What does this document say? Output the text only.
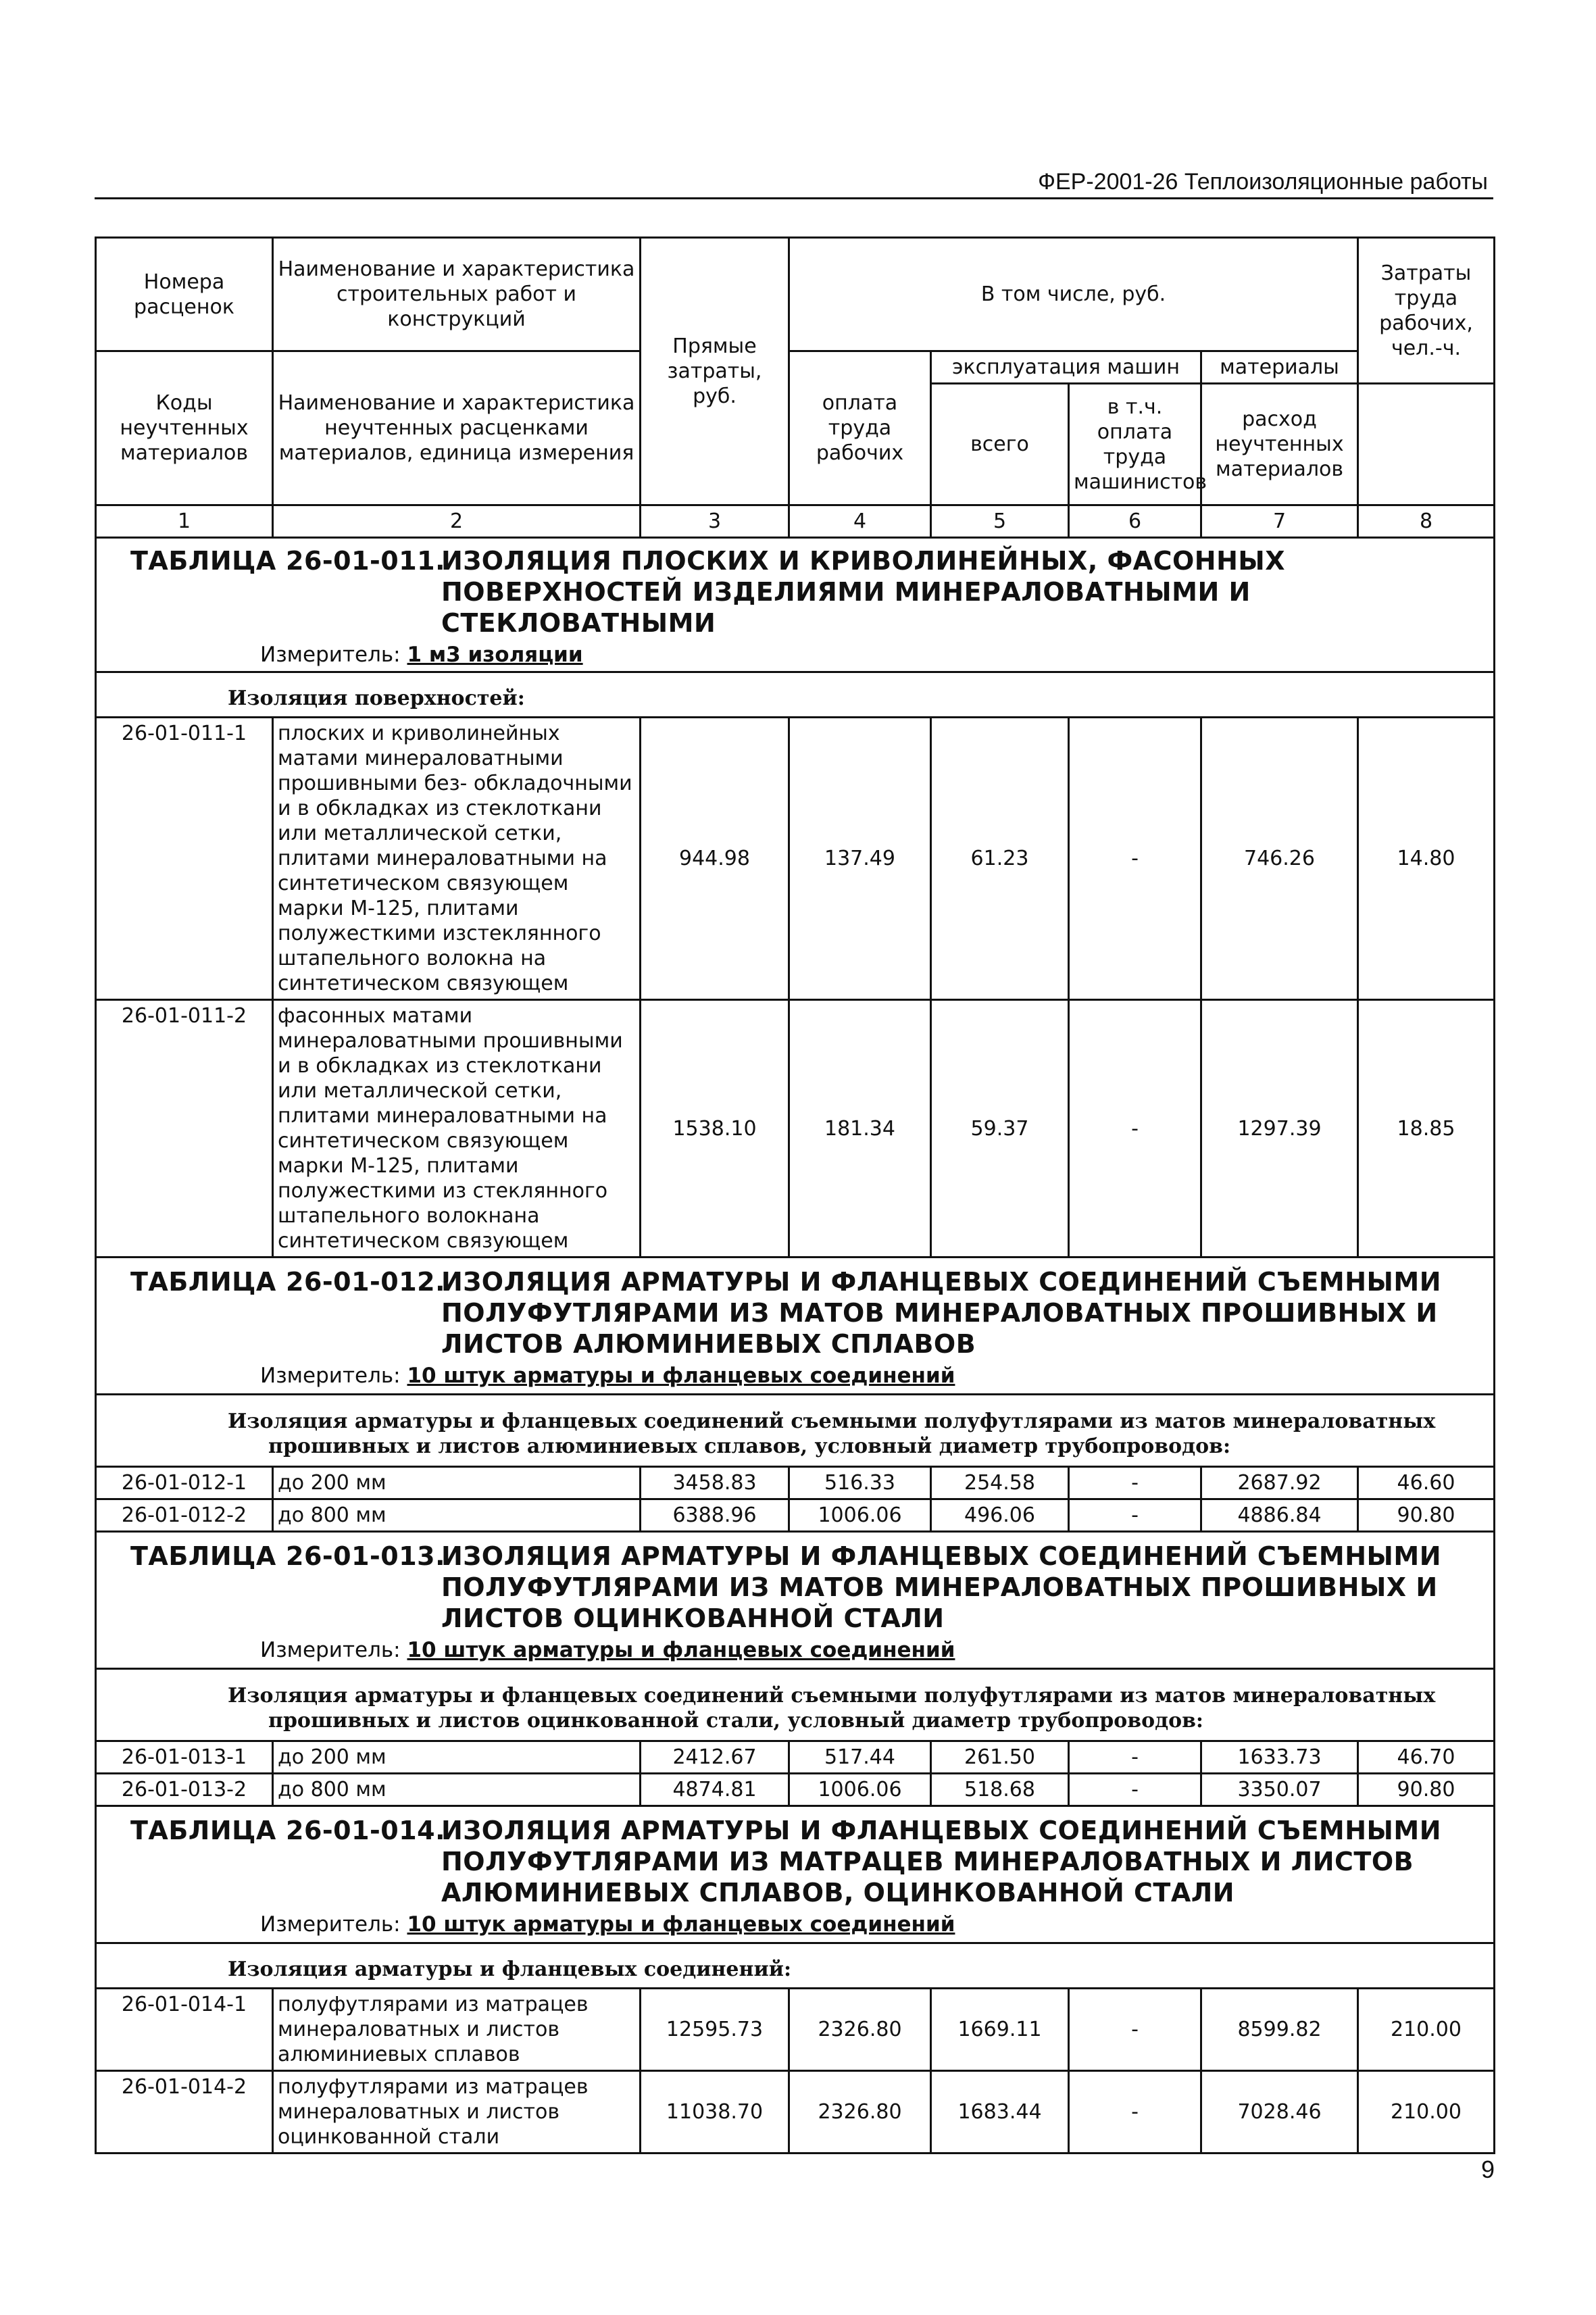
ФЕР-2001-26 Теплоизоляционные работы
Номера расценок	Наименование и характеристика строительных работ и конструкций	Прямые затраты, руб.	В том числе, руб.				Затраты труда рабочих, чел.-ч.
Коды неучтенных материалов	Наименование и характеристика неучтенных расценками материалов, единица измерения		оплата труда рабочих	эксплуатация машин		материалы	
				всего	в т.ч. оплата труда машинистов	расход неучтенных материалов	
1	2	3	4	5	6	7	8

ТАБЛИЦА 26-01-011.
ИЗОЛЯЦИЯ ПЛОСКИХ И КРИВОЛИНЕЙНЫХ, ФАСОННЫХ ПОВЕРХНОСТЕЙ ИЗДЕЛИЯМИ МИНЕРАЛОВАТНЫМИ И СТЕКЛОВАТНЫМИ
Измеритель: 1 м3 изоляции							

Изоляция поверхностей:							

26-01-011-1	плоских и криволинейных матами минераловатными прошивными без- обкладочными и в обкладках из стеклоткани или металлической сетки, плитами минераловатными на синтетическом связующем марки М-125, плитами полужесткими изстеклянного штапельного волокна на синтетическом связующем	944.98	137.49	61.23	-	746.26	14.80
26-01-011-2	фасонных матами минераловатными прошивными и в обкладках из стеклоткани или металлической сетки, плитами минераловатными на синтетическом связующем марки М-125, плитами полужесткими из стеклянного штапельного волокнана синтетическом связующем	1538.10	181.34	59.37	-	1297.39	18.85

ТАБЛИЦА 26-01-012.
ИЗОЛЯЦИЯ АРМАТУРЫ И ФЛАНЦЕВЫХ СОЕДИНЕНИЙ СЪЕМНЫМИ ПОЛУФУТЛЯРАМИ ИЗ МАТОВ МИНЕРАЛОВАТНЫХ ПРОШИВНЫХ И ЛИСТОВ АЛЮМИНИЕВЫХ СПЛАВОВ
Измеритель: 10 штук арматуры и фланцевых соединений							

Изоляция арматуры и фланцевых соединений съемными полуфутлярами из матов минераловатных
прошивных и листов алюминиевых сплавов, условный диаметр трубопроводов:							

26-01-012-1	до 200 мм	3458.83	516.33	254.58	-	2687.92	46.60
26-01-012-2	до 800 мм	6388.96	1006.06	496.06	-	4886.84	90.80

ТАБЛИЦА 26-01-013.
ИЗОЛЯЦИЯ АРМАТУРЫ И ФЛАНЦЕВЫХ СОЕДИНЕНИЙ СЪЕМНЫМИ ПОЛУФУТЛЯРАМИ ИЗ МАТОВ МИНЕРАЛОВАТНЫХ ПРОШИВНЫХ И ЛИСТОВ ОЦИНКОВАННОЙ СТАЛИ
Измеритель: 10 штук арматуры и фланцевых соединений							

Изоляция арматуры и фланцевых соединений съемными полуфутлярами из матов минераловатных
прошивных и листов оцинкованной стали, условный диаметр трубопроводов:							

26-01-013-1	до 200 мм	2412.67	517.44	261.50	-	1633.73	46.70
26-01-013-2	до 800 мм	4874.81	1006.06	518.68	-	3350.07	90.80

ТАБЛИЦА 26-01-014.
ИЗОЛЯЦИЯ АРМАТУРЫ И ФЛАНЦЕВЫХ СОЕДИНЕНИЙ СЪЕМНЫМИ ПОЛУФУТЛЯРАМИ ИЗ МАТРАЦЕВ МИНЕРАЛОВАТНЫХ И ЛИСТОВ АЛЮМИНИЕВЫХ СПЛАВОВ, ОЦИНКОВАННОЙ СТАЛИ
Измеритель: 10 штук арматуры и фланцевых соединений							

Изоляция арматуры и фланцевых соединений:							

26-01-014-1	полуфутлярами из матрацев минераловатных и листов алюминиевых сплавов	12595.73	2326.80	1669.11	-	8599.82	210.00
26-01-014-2	полуфутлярами из матрацев минераловатных и листов оцинкованной стали	11038.70	2326.80	1683.44	-	7028.46	210.00
9
